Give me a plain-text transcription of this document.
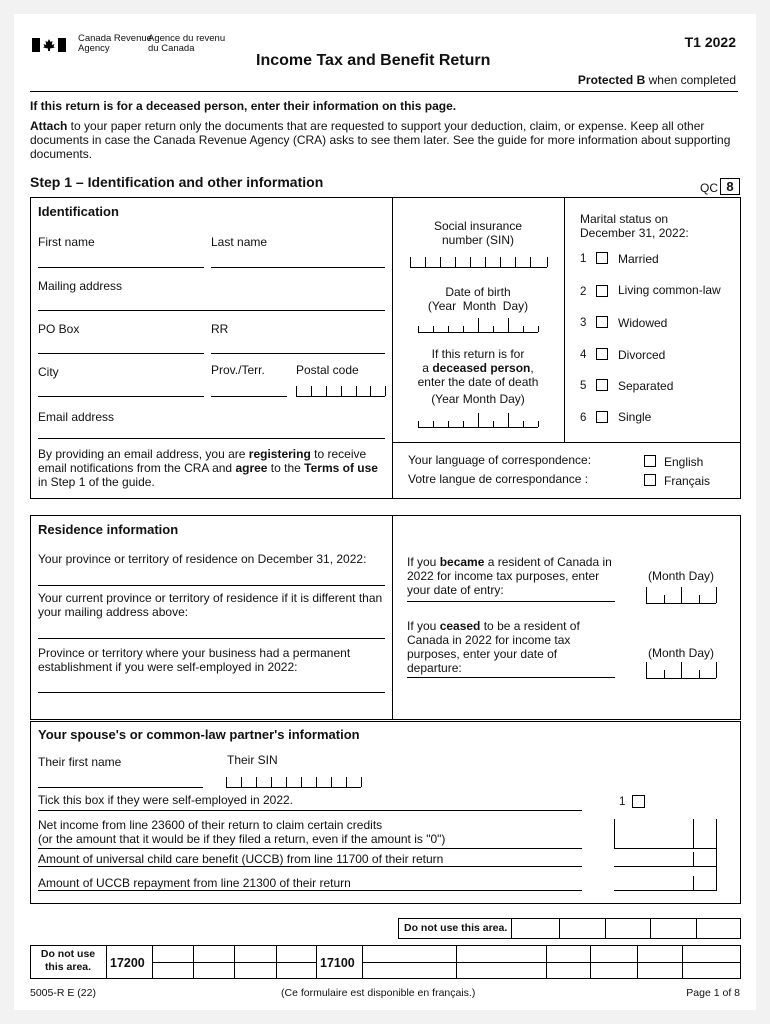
Canada Revenue
Agency
Agence du revenu
du Canada	T1 2022
Income Tax and Benefit Return
Protected B when completed
If this return is for a deceased person, enter their information on this page.
Attach to your paper return only the documents that are requested to support your deduction, claim, or expense. Keep all other documents in case the Canada Revenue Agency (CRA) asks to see them later. See the guide for more information about supporting documents.
Step 1 – Identification and other information	QC 8
Identification
First name	Last name
Mailing address
PO Box	RR
City	Prov./Terr.	Postal code
Email address
By providing an email address, you are registering to receive email notifications from the CRA and agree to the Terms of use in Step 1 of the guide.
Social insurance
number (SIN)
Date of birth
(Year  Month  Day)
If this return is for
a deceased person,
enter the date of death
(Year Month Day)
Marital status on
December 31, 2022:
1	Married
2	Living common-law
3	Widowed
4	Divorced
5	Separated
6	Single
Your language of correspondence:
Votre langue de correspondance :
English
Français
Residence information
Your province or territory of residence on December 31, 2022:
Your current province or territory of residence if it is different than your mailing address above:
Province or territory where your business had a permanent establishment if you were self-employed in 2022:
If you became a resident of Canada in 2022 for income tax purposes, enter your date of entry:
(Month Day)
If you ceased to be a resident of Canada in 2022 for income tax purposes, enter your date of departure:
(Month Day)
Your spouse's or common-law partner's information
Their first name	Their SIN
Tick this box if they were self-employed in 2022.	1
Net income from line 23600 of their return to claim certain credits
(or the amount that it would be if they filed a return, even if the amount is "0")
Amount of universal child care benefit (UCCB) from line 11700 of their return
Amount of UCCB repayment from line 21300 of their return
Do not use this area.
Do not use
this area.	17200	17100
5005-R E (22)	(Ce formulaire est disponible en français.)	Page 1 of 8
